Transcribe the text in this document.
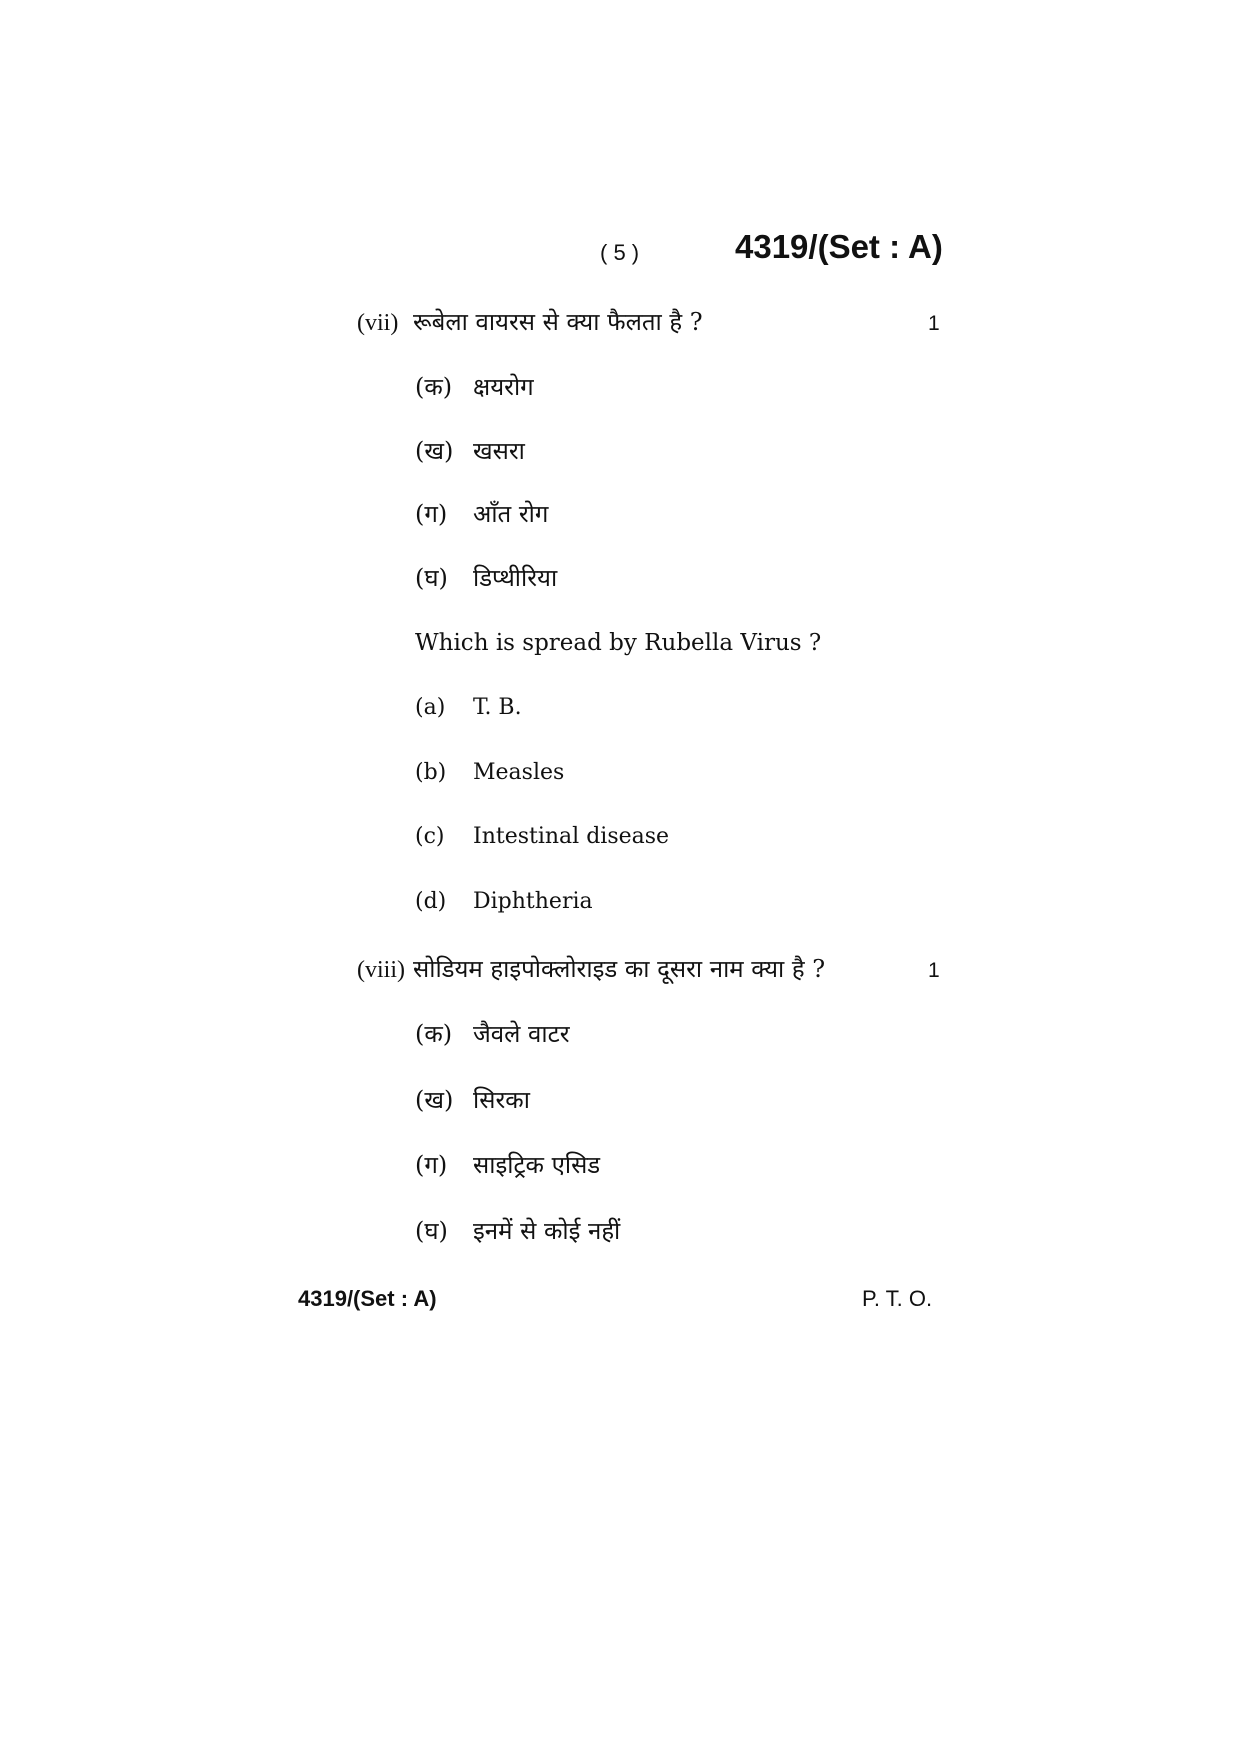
( 5 )	4319/(Set : A)
(vii) रूबेला वायरस से क्या फैलता है ?	1
(क) क्षयरोग
(ख) खसरा
(ग) आँत रोग
(घ) डिप्थीरिया
Which is spread by Rubella Virus ?
(a) T. B.
(b) Measles
(c) Intestinal disease
(d) Diphtheria
(viii) सोडियम हाइपोक्लोराइड का दूसरा नाम क्या है ?	1
(क) जैवले वाटर
(ख) सिरका
(ग) साइट्रिक एसिड
(घ) इनमें से कोई नहीं
4319/(Set : A)	P. T. O.
